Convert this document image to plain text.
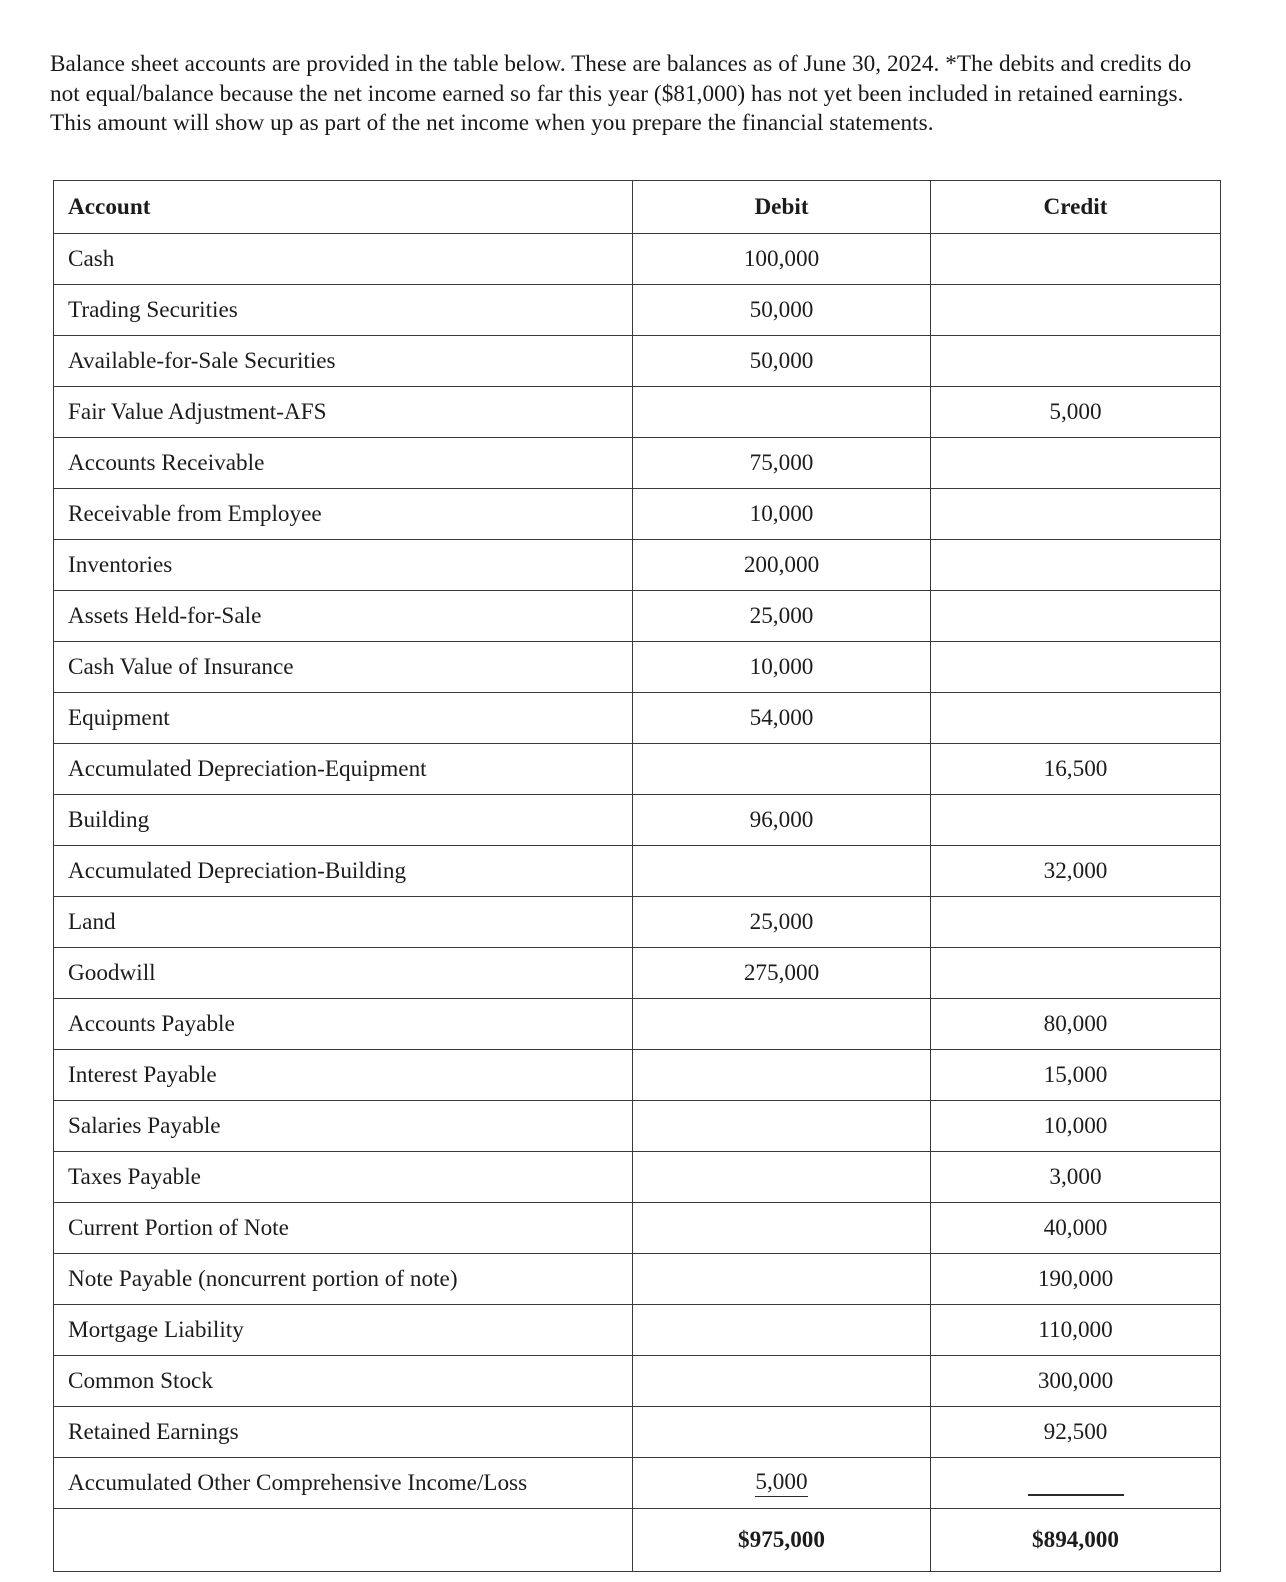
Balance sheet accounts are provided in the table below. These are balances as of June 30, 2024. *The debits and credits do not equal/balance because the net income earned so far this year ($81,000) has not yet been included in retained earnings. This amount will show up as part of the net income when you prepare the financial statements.

Account	Debit	Credit
Cash	100,000	
Trading Securities	50,000	
Available-for-Sale Securities	50,000	
Fair Value Adjustment-AFS		5,000
Accounts Receivable	75,000	
Receivable from Employee	10,000	
Inventories	200,000	
Assets Held-for-Sale	25,000	
Cash Value of Insurance	10,000	
Equipment	54,000	
Accumulated Depreciation-Equipment		16,500
Building	96,000	
Accumulated Depreciation-Building		32,000
Land	25,000	
Goodwill	275,000	
Accounts Payable		80,000
Interest Payable		15,000
Salaries Payable		10,000
Taxes Payable		3,000
Current Portion of Note		40,000
Note Payable (noncurrent portion of note)		190,000
Mortgage Liability		110,000
Common Stock		300,000
Retained Earnings		92,500
Accumulated Other Comprehensive Income/Loss	5,000	
	$975,000	$894,000
